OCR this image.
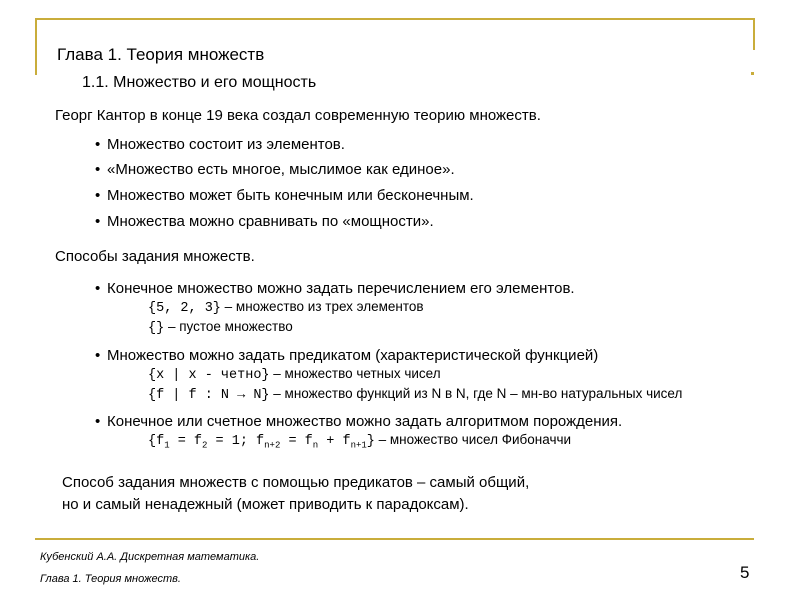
Глава 1. Теория множеств
1.1. Множество и его мощность
Георг Кантор в конце 19 века создал современную теорию множеств.
• Множество состоит из элементов.
• «Множество есть многое, мыслимое как единое».
• Множество может быть конечным или бесконечным.
• Множества можно сравнивать по «мощности».
Способы задания множеств.
• Конечное множество можно задать перечислением его элементов.
{5, 2, 3} – множество из трех элементов
{} – пустое множество
• Множество можно задать предикатом (характеристической функцией)
{x | x - четно} – множество четных чисел
{f | f : N → N} – множество функций из N в N, где N – мн-во натуральных чисел
• Конечное или счетное множество можно задать алгоритмом порождения.
{$f_1 = f_2 = 1$; $f_{n+2} = f_n + f_{n+1}$} – множество чисел Фибоначчи
Способ задания множеств с помощью предикатов – самый общий,
но и самый ненадежный (может приводить к парадоксам).
Кубенский А.А. Дискретная математика.
Глава 1. Теория множеств.	5
